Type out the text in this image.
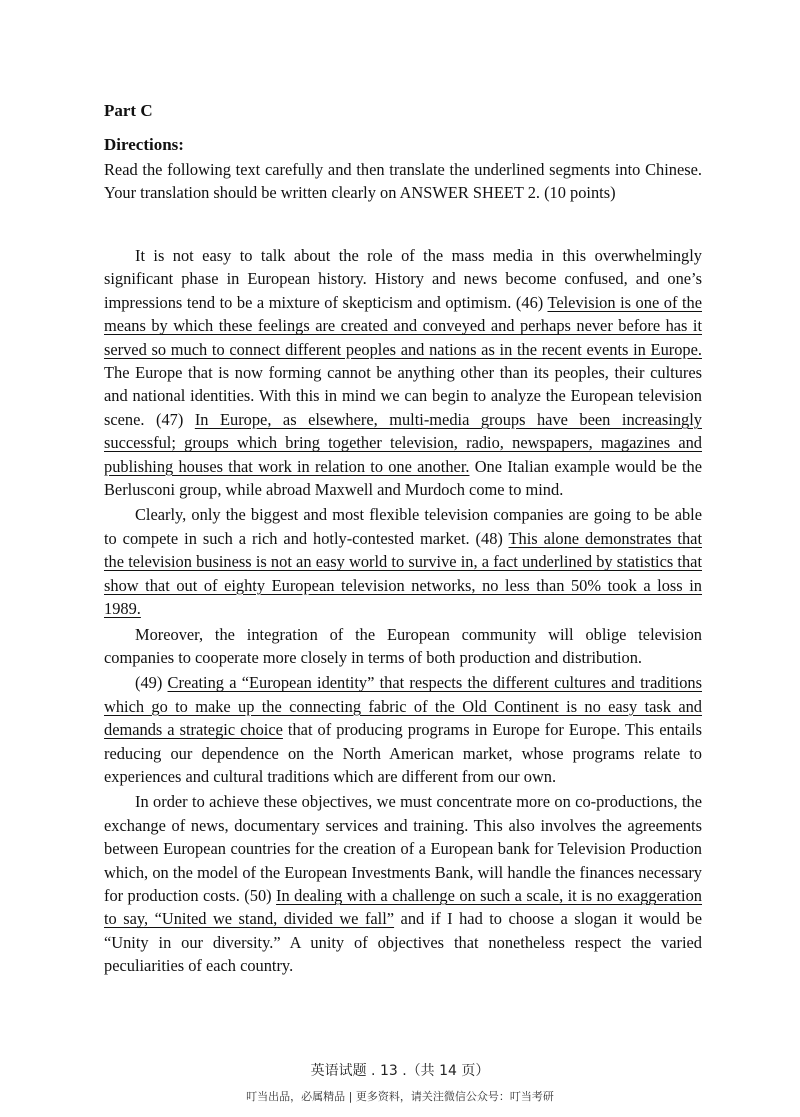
Part C
Directions:
Read the following text carefully and then translate the underlined segments into Chinese. Your translation should be written clearly on ANSWER SHEET 2. (10 points)

It is not easy to talk about the role of the mass media in this overwhelmingly significant phase in European history. History and news become confused, and one’s impressions tend to be a mixture of skepticism and optimism. (46) Television is one of the means by which these feelings are created and conveyed and perhaps never before has it served so much to connect different peoples and nations as in the recent events in Europe. The Europe that is now forming cannot be anything other than its peoples, their cultures and national identities. With this in mind we can begin to analyze the European television scene. (47) In Europe, as elsewhere, multi-media groups have been increasingly successful; groups which bring together television, radio, newspapers, magazines and publishing houses that work in relation to one another. One Italian example would be the Berlusconi group, while abroad Maxwell and Murdoch come to mind.

Clearly, only the biggest and most flexible television companies are going to be able to compete in such a rich and hotly-contested market. (48) This alone demonstrates that the television business is not an easy world to survive in, a fact underlined by statistics that show that out of eighty European television networks, no less than 50% took a loss in 1989.

Moreover, the integration of the European community will oblige television companies to cooperate more closely in terms of both production and distribution.

(49) Creating a “European identity” that respects the different cultures and traditions which go to make up the connecting fabric of the Old Continent is no easy task and demands a strategic choice that of producing programs in Europe for Europe. This entails reducing our dependence on the North American market, whose programs relate to experiences and cultural traditions which are different from our own.

In order to achieve these objectives, we must concentrate more on co-productions, the exchange of news, documentary services and training. This also involves the agreements between European countries for the creation of a European bank for Television Production which, on the model of the European Investments Bank, will handle the finances necessary for production costs. (50) In dealing with a challenge on such a scale, it is no exaggeration to say, “United we stand, divided we fall” and if I had to choose a slogan it would be “Unity in our diversity.” A unity of objectives that nonetheless respect the varied peculiarities of each country.

英语试题 . 13 .（共 14 页）
叮当出品，必属精品 | 更多资料，请关注微信公众号：叮当考研
